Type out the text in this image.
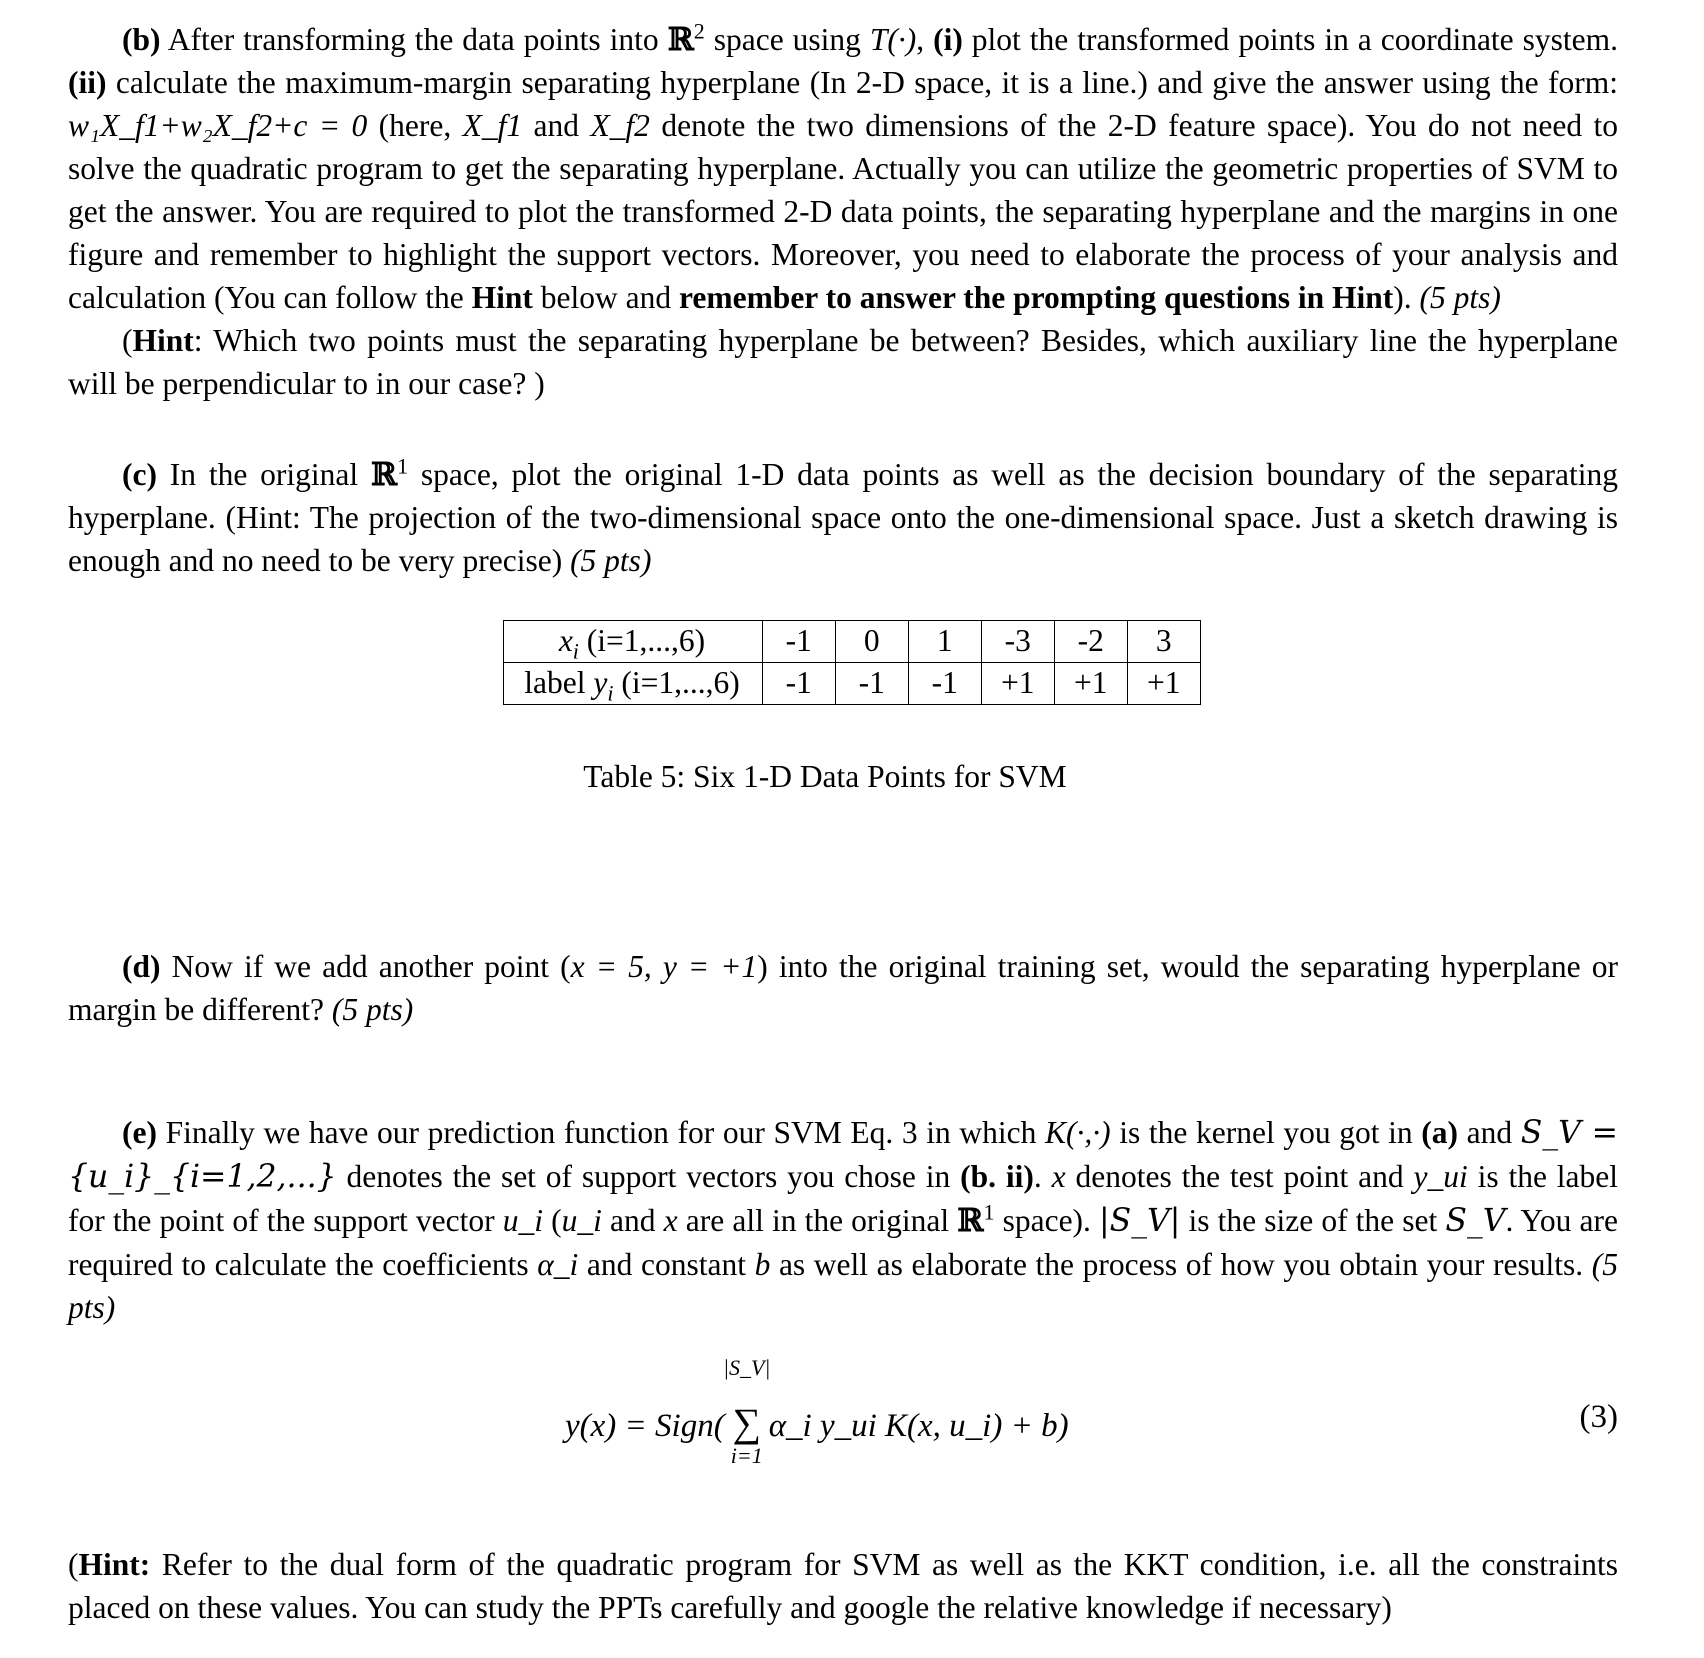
(b) After transforming the data points into ℝ$^2$ space using T(·), (i) plot the transformed points in a coordinate system. (ii) calculate the maximum-margin separating hyperplane (In 2-D space, it is a line.) and give the answer using the form: w₁X_f1+w₂X_f2+c = 0 (here, X_f1 and X_f2 denote the two dimensions of the 2-D feature space). You do not need to solve the quadratic program to get the separating hyperplane. Actually you can utilize the geometric properties of SVM to get the answer. You are required to plot the transformed 2-D data points, the separating hyperplane and the margins in one figure and remember to highlight the support vectors. Moreover, you need to elaborate the process of your analysis and calculation (You can follow the Hint below and remember to answer the prompting questions in Hint). (5 pts)

(Hint: Which two points must the separating hyperplane be between? Besides, which auxiliary line the hyperplane will be perpendicular to in our case? )

(c) In the original ℝ$^1$ space, plot the original 1-D data points as well as the decision boundary of the separating hyperplane. (Hint: The projection of the two-dimensional space onto the one-dimensional space. Just a sketch drawing is enough and no need to be very precise) (5 pts)

$x_i$ (i=1,...,6)	-1	0	1	-3	-2	3
label $y_i$ (i=1,...,6)	-1	-1	-1	+1	+1	+1
Table 5: Six 1-D Data Points for SVM

(d) Now if we add another point (x = 5, y = +1) into the original training set, would the separating hyperplane or margin be different? (5 pts)

(e) Finally we have our prediction function for our SVM Eq. 3 in which K(·,·) is the kernel you got in (a) and S_V = {u_i}_{i=1,2,...} denotes the set of support vectors you chose in (b. ii). x denotes the test point and y_ui is the label for the point of the support vector u_i (u_i and x are all in the original ℝ$^1$ space). |S_V| is the size of the set S_V. You are required to calculate the coefficients α_i and constant b as well as elaborate the process of how you obtain your results. (5 pts)

y(x) = Sign(
|S_V|
∑
i=1
α_i y_ui K(x, u_i) + b)	(3)

(Hint: Refer to the dual form of the quadratic program for SVM as well as the KKT condition, i.e. all the constraints placed on these values. You can study the PPTs carefully and google the relative knowledge if necessary)
